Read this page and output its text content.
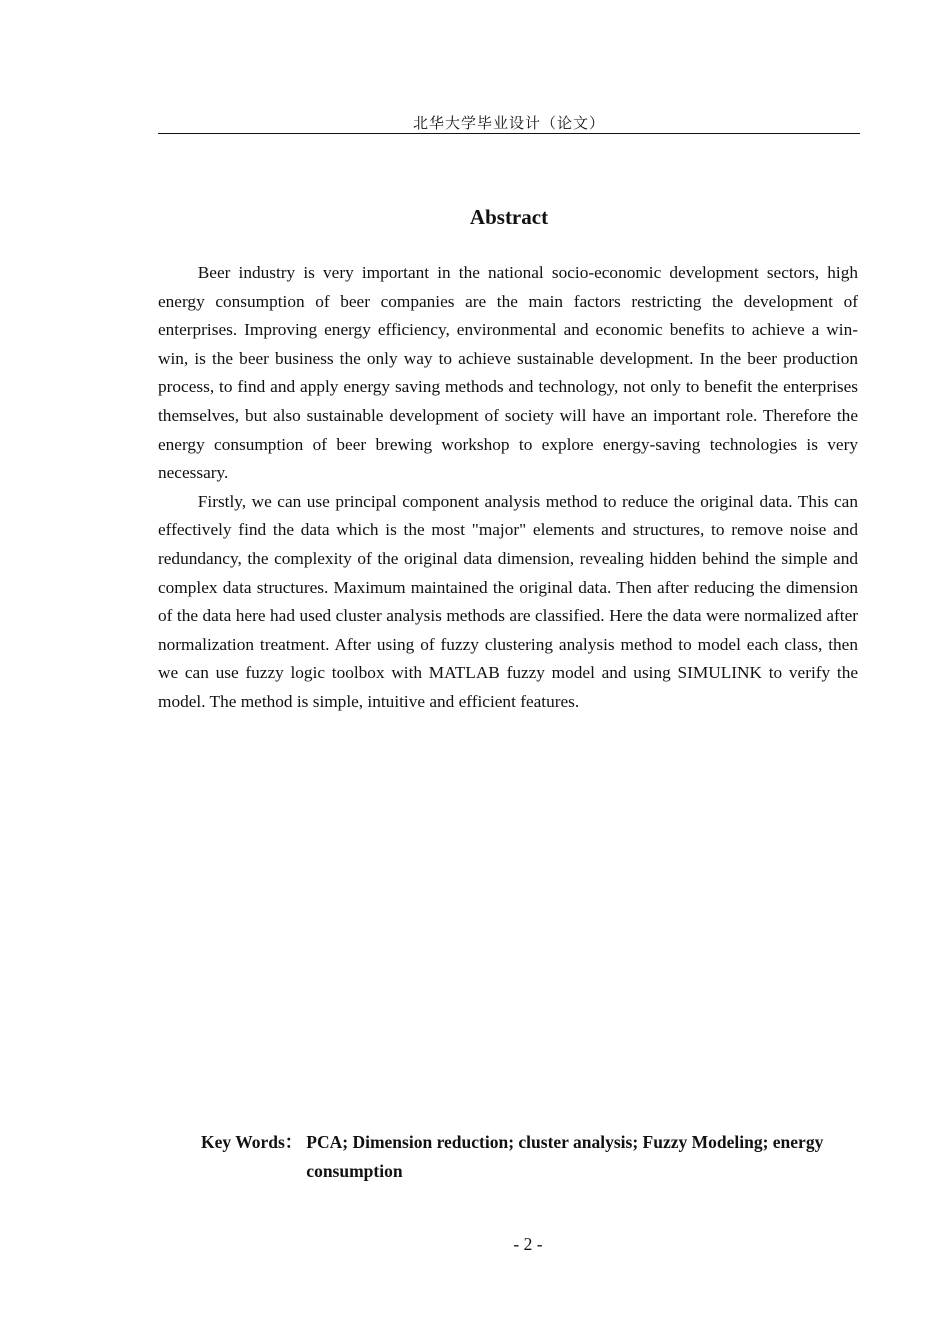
北华大学毕业设计（论文）
Abstract

Beer industry is very important in the national socio-economic development sectors, high energy consumption of beer companies are the main factors restricting the development of enterprises. Improving energy efficiency, environmental and economic benefits to achieve a win-win, is the beer business the only way to achieve sustainable development. In the beer production process, to find and apply energy saving methods and technology, not only to benefit the enterprises themselves, but also sustainable development of society will have an important role. Therefore the energy consumption of beer brewing workshop to explore energy-saving technologies is very necessary.

Firstly, we can use principal component analysis method to reduce the original data. This can effectively find the data which is the most "major" elements and structures, to remove noise and redundancy, the complexity of the original data dimension, revealing hidden behind the simple and complex data structures. Maximum maintained the original data. Then after reducing the dimension of the data here had used cluster analysis methods are classified. Here the data were normalized after normalization treatment. After using of fuzzy clustering analysis method to model each class, then we can use fuzzy logic toolbox with MATLAB fuzzy model and using SIMULINK to verify the model. The method is simple, intuitive and efficient features.

Key Words： PCA; Dimension reduction; cluster analysis; Fuzzy Modeling; energy consumption
- 2 -
